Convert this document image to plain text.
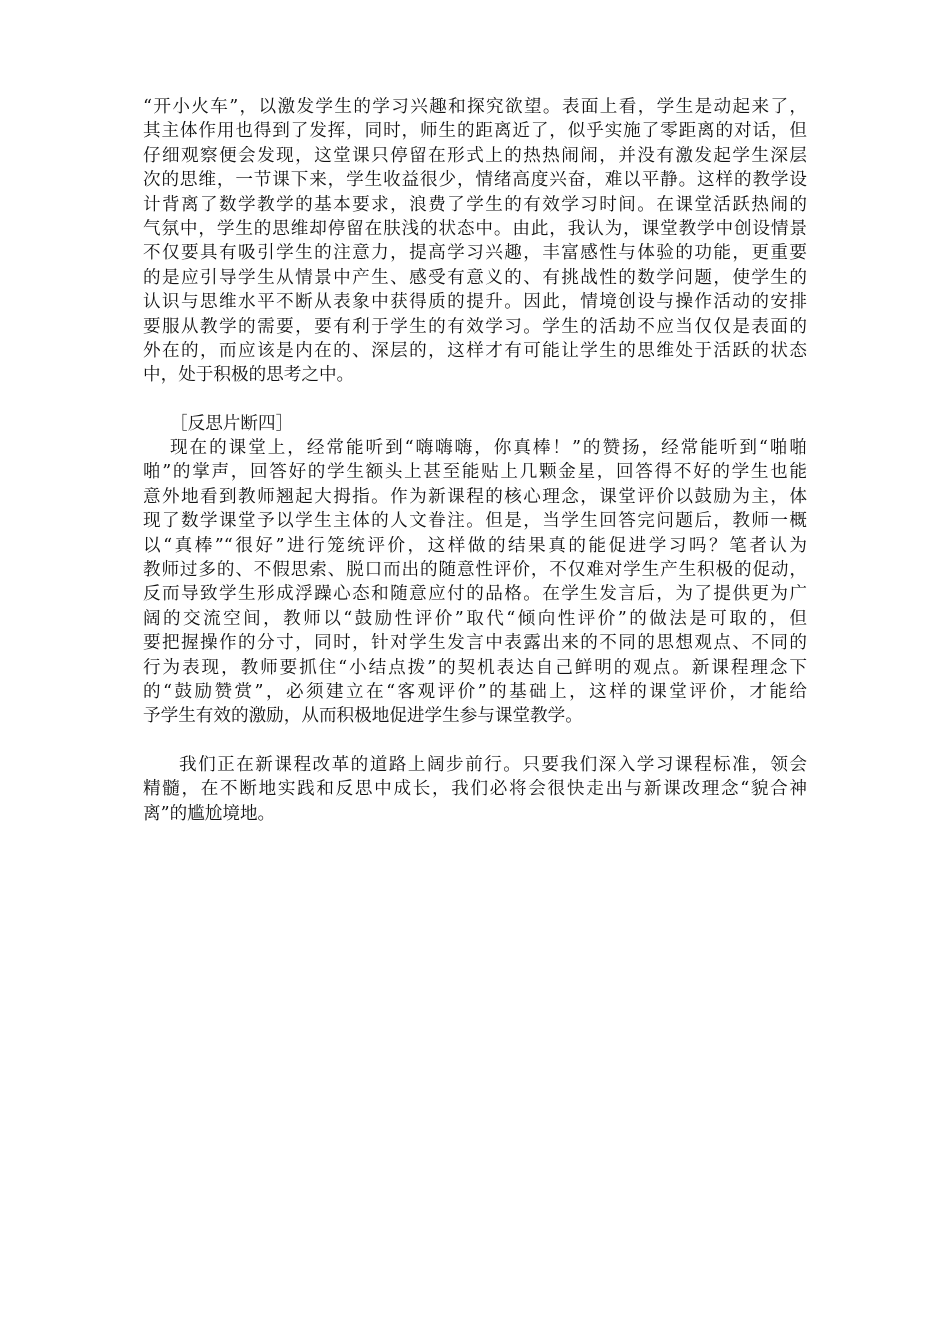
“开小火车”，以激发学生的学习兴趣和探究欲望。表面上看，学生是动起来了，
其主体作用也得到了发挥，同时，师生的距离近了，似乎实施了零距离的对话，但
仔细观察便会发现，这堂课只停留在形式上的热热闹闹，并没有激发起学生深层
次的思维，一节课下来，学生收益很少，情绪高度兴奋，难以平静。这样的教学设
计背离了数学教学的基本要求，浪费了学生的有效学习时间。在课堂活跃热闹的
气氛中，学生的思维却停留在肤浅的状态中。由此，我认为，课堂教学中创设情景
不仅要具有吸引学生的注意力，提高学习兴趣，丰富感性与体验的功能，更重要
的是应引导学生从情景中产生、感受有意义的、有挑战性的数学问题，使学生的
认识与思维水平不断从表象中获得质的提升。因此，情境创设与操作活动的安排
要服从教学的需要，要有利于学生的有效学习。学生的活劫不应当仅仅是表面的
外在的，而应该是内在的、深层的，这样才有可能让学生的思维处于活跃的状态
中，处于积极的思考之中。
［反思片断四］
现在的课堂上，经常能听到“嗨嗨嗨，你真棒！”的赞扬，经常能听到“啪啪
啪”的掌声，回答好的学生额头上甚至能贴上几颗金星，回答得不好的学生也能
意外地看到教师翘起大拇指。作为新课程的核心理念，课堂评价以鼓励为主，体
现了数学课堂予以学生主体的人文眷注。但是，当学生回答完问题后，教师一概
以“真棒”“很好”进行笼统评价，这样做的结果真的能促进学习吗？笔者认为
教师过多的、不假思索、脱口而出的随意性评价，不仅难对学生产生积极的促动，
反而导致学生形成浮躁心态和随意应付的品格。在学生发言后，为了提供更为广
阔的交流空间，教师以“鼓励性评价”取代“倾向性评价”的做法是可取的，但
要把握操作的分寸，同时，针对学生发言中表露出来的不同的思想观点、不同的
行为表现，教师要抓住“小结点拨”的契机表达自己鲜明的观点。新课程理念下
的“鼓励赞赏”，必须建立在“客观评价”的基础上，这样的课堂评价，才能给
予学生有效的激励，从而积极地促进学生参与课堂教学。
我们正在新课程改革的道路上阔步前行。只要我们深入学习课程标准，领会
精髓，在不断地实践和反思中成长，我们必将会很快走出与新课改理念“貌合神
离”的尴尬境地。
